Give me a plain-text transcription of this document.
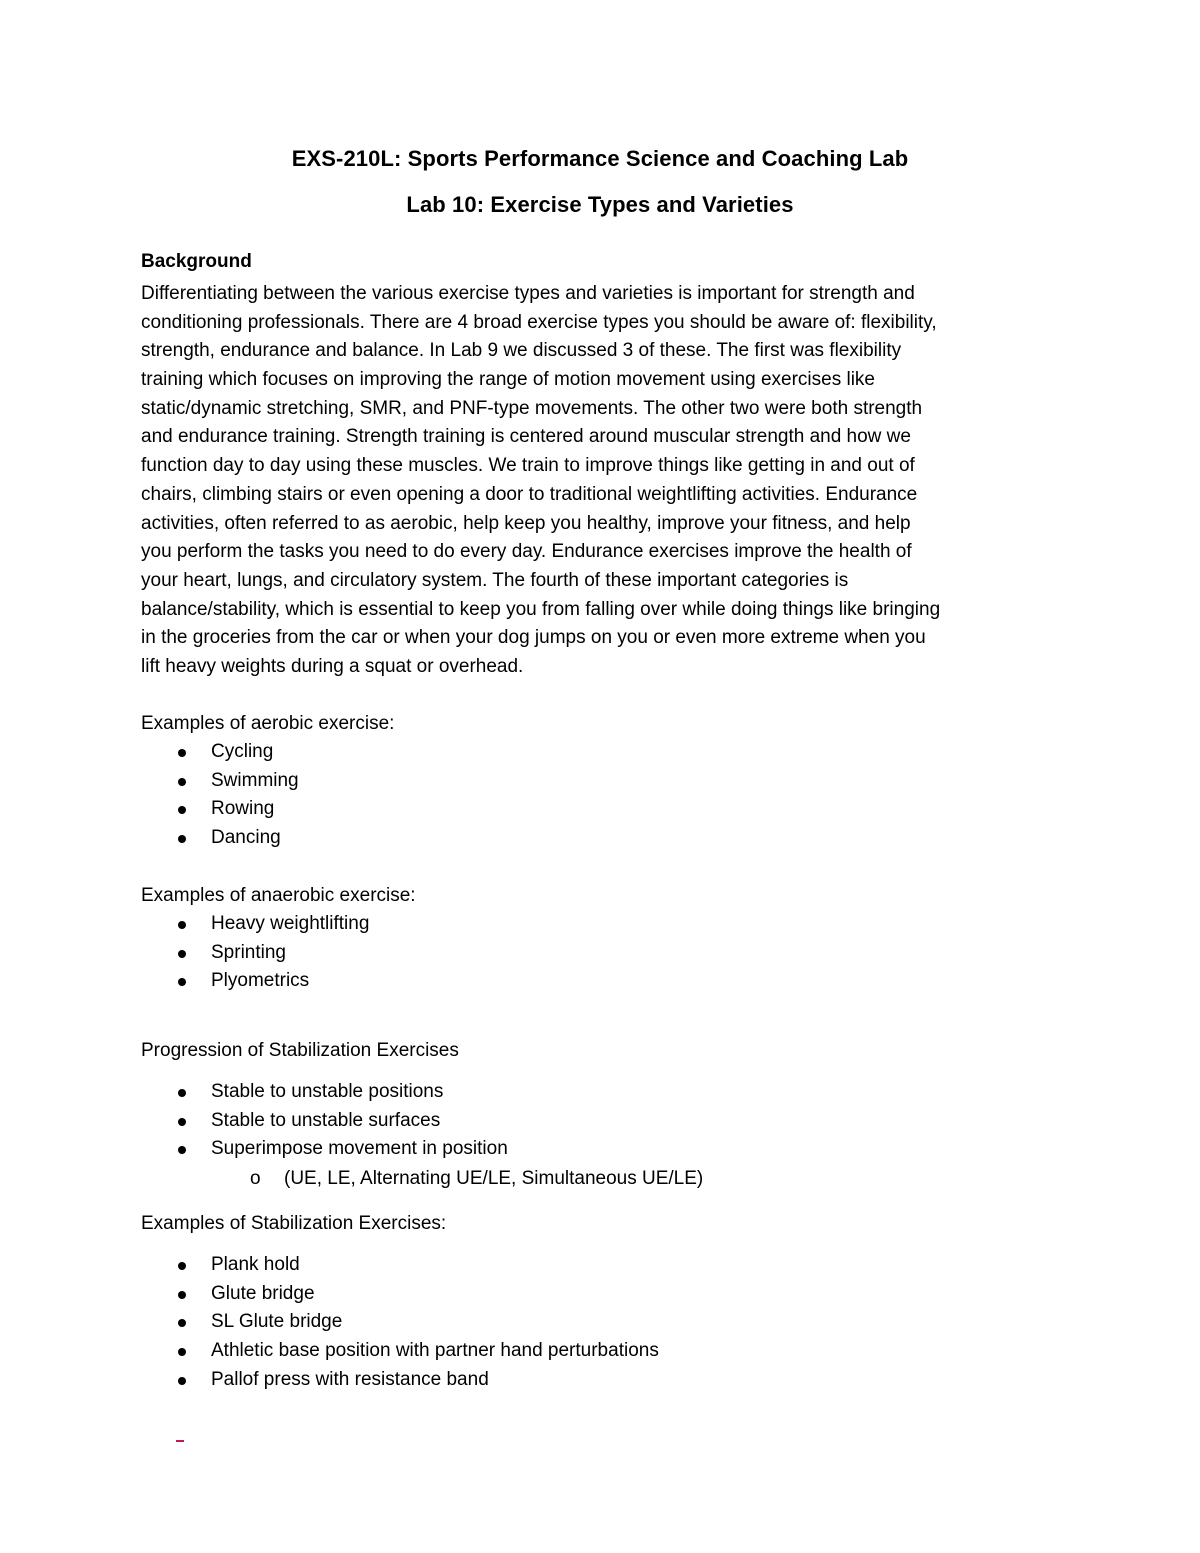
EXS-210L: Sports Performance Science and Coaching Lab
Lab 10: Exercise Types and Varieties
Background
Differentiating between the various exercise types and varieties is important for strength and
conditioning professionals. There are 4 broad exercise types you should be aware of: flexibility,
strength, endurance and balance. In Lab 9 we discussed 3 of these. The first was flexibility
training which focuses on improving the range of motion movement using exercises like
static/dynamic stretching, SMR, and PNF-type movements. The other two were both strength
and endurance training. Strength training is centered around muscular strength and how we
function day to day using these muscles. We train to improve things like getting in and out of
chairs, climbing stairs or even opening a door to traditional weightlifting activities. Endurance
activities, often referred to as aerobic, help keep you healthy, improve your fitness, and help
you perform the tasks you need to do every day. Endurance exercises improve the health of
your heart, lungs, and circulatory system. The fourth of these important categories is
balance/stability, which is essential to keep you from falling over while doing things like bringing
in the groceries from the car or when your dog jumps on you or even more extreme when you
lift heavy weights during a squat or overhead.
Examples of aerobic exercise:
Cycling
Swimming
Rowing
Dancing
Examples of anaerobic exercise:
Heavy weightlifting
Sprinting
Plyometrics
Progression of Stabilization Exercises
Stable to unstable positions
Stable to unstable surfaces
Superimpose movement in position
o (UE, LE, Alternating UE/LE, Simultaneous UE/LE)
Examples of Stabilization Exercises:
Plank hold
Glute bridge
SL Glute bridge
Athletic base position with partner hand perturbations
Pallof press with resistance band
